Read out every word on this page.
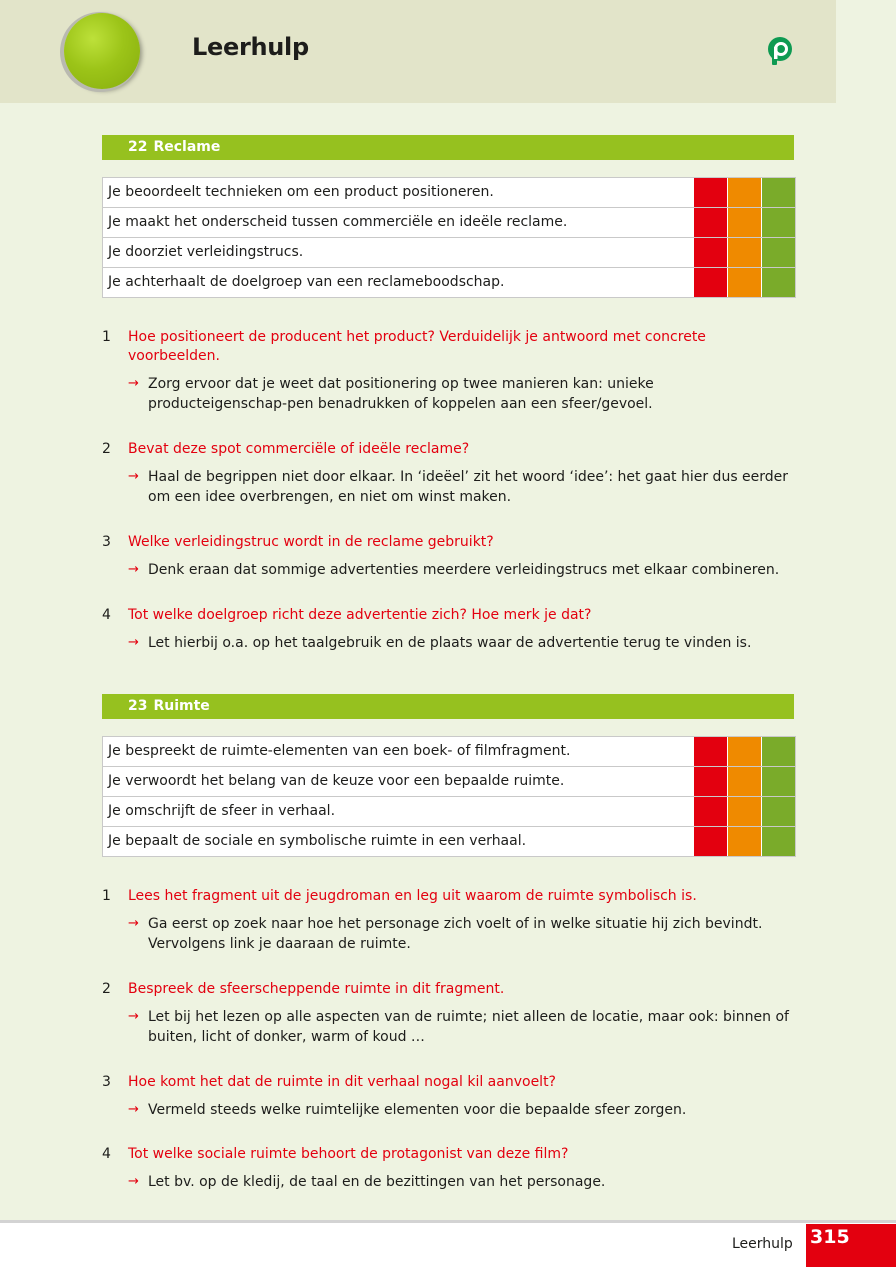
Leerhulp
22 Reclame
Je beoordeelt technieken om een product positioneren.
Je maakt het onderscheid tussen commerciële en ideële reclame.
Je doorziet verleidingstrucs.
Je achterhaalt de doelgroep van een reclameboodschap.
1	Hoe positioneert de producent het product? Verduidelijk je antwoord met concrete voorbeelden.
→ Zorg ervoor dat je weet dat positionering op twee manieren kan: unieke producteigenschap-pen benadrukken of koppelen aan een sfeer/gevoel.
2	Bevat deze spot commerciële of ideële reclame?
→ Haal de begrippen niet door elkaar. In ‘ideëel’ zit het woord ‘idee’: het gaat hier dus eerder om een idee overbrengen, en niet om winst maken.
3	Welke verleidingstruc wordt in de reclame gebruikt?
→ Denk eraan dat sommige advertenties meerdere verleidingstrucs met elkaar combineren.
4	Tot welke doelgroep richt deze advertentie zich? Hoe merk je dat?
→ Let hierbij o.a. op het taalgebruik en de plaats waar de advertentie terug te vinden is.
23 Ruimte
Je bespreekt de ruimte-elementen van een boek- of filmfragment.
Je verwoordt het belang van de keuze voor een bepaalde ruimte.
Je omschrijft de sfeer in verhaal.
Je bepaalt de sociale en symbolische ruimte in een verhaal.
1	Lees het fragment uit de jeugdroman en leg uit waarom de ruimte symbolisch is.
→ Ga eerst op zoek naar hoe het personage zich voelt of in welke situatie hij zich bevindt. Vervolgens link je daaraan de ruimte.
2	Bespreek de sfeerscheppende ruimte in dit fragment.
→ Let bij het lezen op alle aspecten van de ruimte; niet alleen de locatie, maar ook: binnen of buiten, licht of donker, warm of koud …
3	Hoe komt het dat de ruimte in dit verhaal nogal kil aanvoelt?
→ Vermeld steeds welke ruimtelijke elementen voor die bepaalde sfeer zorgen.
4	Tot welke sociale ruimte behoort de protagonist van deze film?
→ Let bv. op de kledij, de taal en de bezittingen van het personage.
Leerhulp 315
